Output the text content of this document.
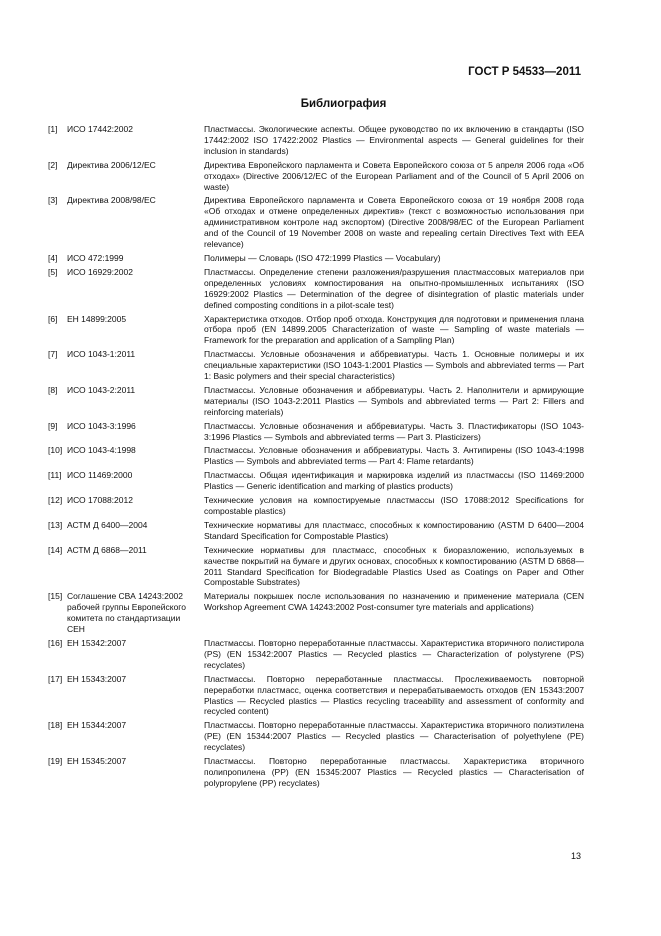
ГОСТ Р 54533—2011
Библиография
[1]	ИСО 17442:2002	Пластмассы. Экологические аспекты. Общее руководство по их включению в стандарты (ISO 17442:2002 ISO 17422:2002 Plastics — Environmental aspects — General guidelines for their inclusion in standards)
[2]	Директива 2006/12/ЕС	Директива Европейского парламента и Совета Европейского союза от 5 апреля 2006 года «Об отходах» (Directive 2006/12/EC of the European Parliament and of the Council of 5 April 2006 on waste)
[3]	Директива 2008/98/ЕС	Директива Европейского парламента и Совета Европейского союза от 19 ноября 2008 года «Об отходах и отмене определенных директив» (текст с возможностью использования при административном контроле над экспортом) (Directive 2008/98/EC of the European Parliament and of the Council of 19 November 2008 on waste and repealing certain Directives Text with EEA relevance)
[4]	ИСО 472:1999	Полимеры — Словарь (ISO 472:1999 Plastics — Vocabulary)
[5]	ИСО 16929:2002	Пластмассы. Определение степени разложения/разрушения пластмассовых материалов при определенных условиях компостирования на опытно-промышленных испытаниях (ISO 16929:2002 Plastics — Determination of the degree of disintegration of plastic materials under defined composting conditions in a pilot-scale test)
[6]	ЕН 14899:2005	Характеристика отходов. Отбор проб отхода. Конструкция для подготовки и применения плана отбора проб (EN 14899.2005 Characterization of waste — Sampling of waste materials — Framework for the preparation and application of a Sampling Plan)
[7]	ИСО 1043-1:2011	Пластмассы. Условные обозначения и аббревиатуры. Часть 1. Основные полимеры и их специальные характеристики (ISO 1043-1:2001 Plastics — Symbols and abbreviated terms — Part 1: Basic polymers and their special characteristics)
[8]	ИСО 1043-2:2011	Пластмассы. Условные обозначения и аббревиатуры. Часть 2. Наполнители и армирующие материалы (ISO 1043-2:2011 Plastics — Symbols and abbreviated terms — Part 2: Fillers and reinforcing materials)
[9]	ИСО 1043-3:1996	Пластмассы. Условные обозначения и аббревиатуры. Часть 3. Пластификаторы (ISO 1043-3:1996 Plastics — Symbols and abbreviated terms — Part 3. Plasticizers)
[10] ИСО 1043-4:1998	Пластмассы. Условные обозначения и аббревиатуры. Часть 3. Антипирены (ISO 1043-4:1998 Plastics — Symbols and abbreviated terms — Part 4: Flame retardants)
[11] ИСО 11469:2000	Пластмассы. Общая идентификация и маркировка изделий из пластмассы (ISO 11469:2000 Plastics — Generic identification and marking of plastics products)
[12] ИСО 17088:2012	Технические условия на компостируемые пластмассы (ISO 17088:2012 Specifications for compostable plastics)
[13] АСТМ Д 6400—2004	Технические нормативы для пластмасс, способных к компостированию (ASTM D 6400—2004 Standard Specification for Compostable Plastics)
[14] АСТМ Д 6868—2011	Технические нормативы для пластмасс, способных к биоразложению, используемых в качестве покрытий на бумаге и других основах, способных к компостированию (ASTM D 6868—2011 Standard Specification for Biodegradable Plastics Used as Coatings on Paper and Other Compostable Substrates)
[15] Соглашение СВА 14243:2002 рабочей группы Европейского комитета по стандартизации СЕН
Материалы покрышек после использования по назначению и применение материала (CEN Workshop Agreement CWA 14243:2002 Post-consumer tyre materials and applications)
[16] ЕН 15342:2007	Пластмассы. Повторно переработанные пластмассы. Характеристика вторичного полистирола (PS) (EN 15342:2007 Plastics — Recycled plastics — Characterization of polystyrene (PS) recyclates)
[17] ЕН 15343:2007	Пластмассы. Повторно переработанные пластмассы. Прослеживаемость повторной переработки пластмасс, оценка соответствия и перерабатываемость отходов (EN 15343:2007 Plastics — Recycled plastics — Plastics recycling traceability and assessment of conformity and recycled content)
[18] ЕН 15344:2007	Пластмассы. Повторно переработанные пластмассы. Характеристика вторичного полиэтилена (PE) (EN 15344:2007 Plastics — Recycled plastics — Characterisation of polyethylene (PE) recyclates)
[19] ЕН 15345:2007	Пластмассы. Повторно переработанные пластмассы. Характеристика вторичного полипропилена (PP) (EN 15345:2007 Plastics — Recycled plastics — Characterisation of polypropylene (PP) recyclates)
13
